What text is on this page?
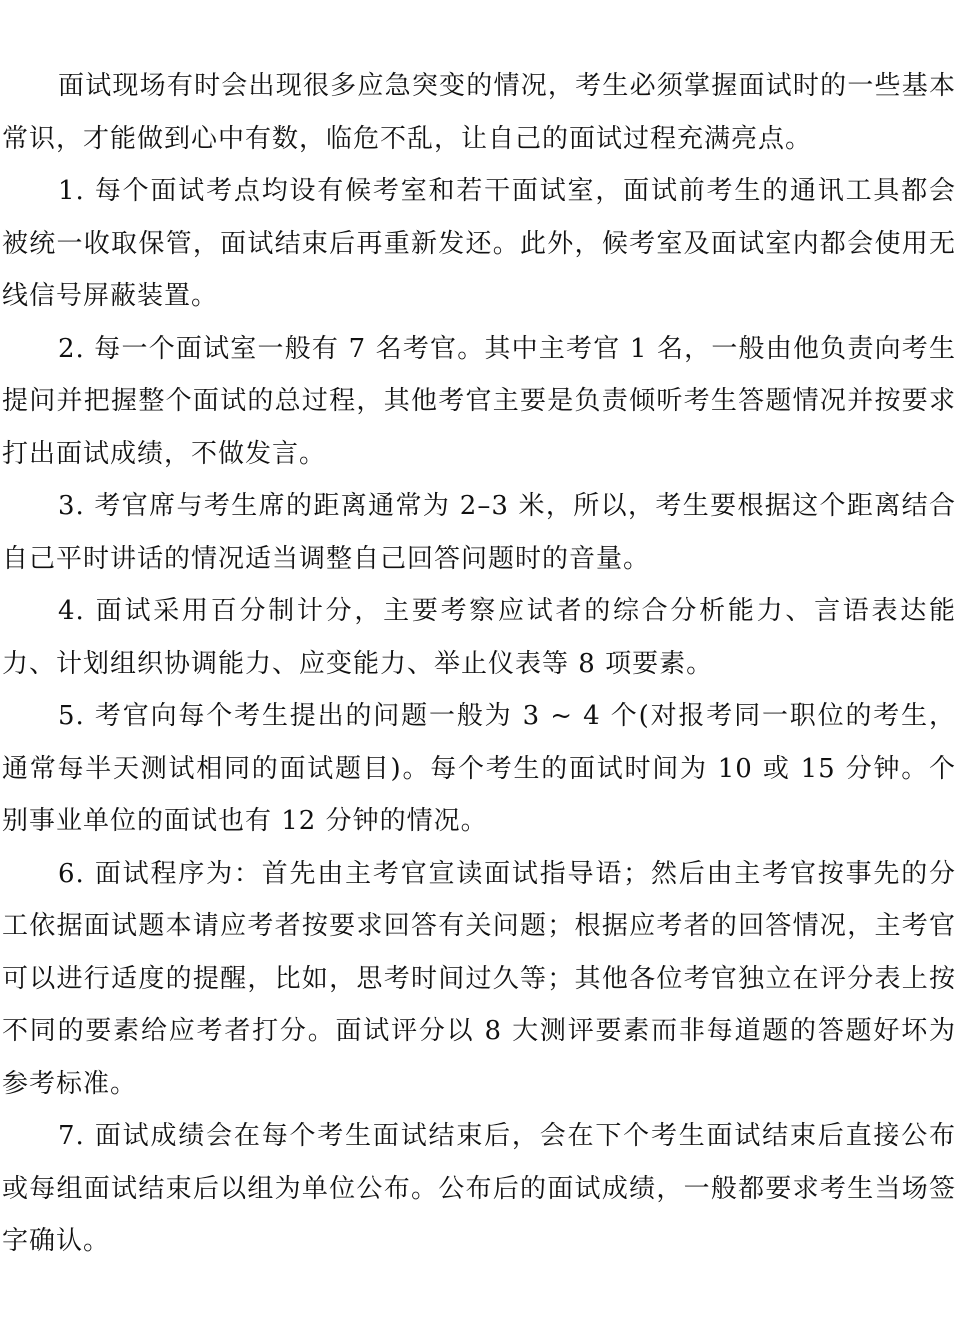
面试现场有时会出现很多应急突变的情况，考生必须掌握面试时的一些基本常识，才能做到心中有数，临危不乱，让自己的面试过程充满亮点。

1. 每个面试考点均设有候考室和若干面试室，面试前考生的通讯工具都会被统一收取保管，面试结束后再重新发还。此外，候考室及面试室内都会使用无线信号屏蔽装置。

2. 每一个面试室一般有 7 名考官。其中主考官 1 名，一般由他负责向考生提问并把握整个面试的总过程，其他考官主要是负责倾听考生答题情况并按要求打出面试成绩，不做发言。

3. 考官席与考生席的距离通常为 2–3 米，所以，考生要根据这个距离结合自己平时讲话的情况适当调整自己回答问题时的音量。

4. 面试采用百分制计分，主要考察应试者的综合分析能力、言语表达能力、计划组织协调能力、应变能力、举止仪表等 8 项要素。

5. 考官向每个考生提出的问题一般为 3 ~ 4 个(对报考同一职位的考生，通常每半天测试相同的面试题目)。每个考生的面试时间为 10 或 15 分钟。个别事业单位的面试也有 12 分钟的情况。

6. 面试程序为：首先由主考官宣读面试指导语；然后由主考官按事先的分工依据面试题本请应考者按要求回答有关问题；根据应考者的回答情况，主考官可以进行适度的提醒，比如，思考时间过久等；其他各位考官独立在评分表上按不同的要素给应考者打分。面试评分以 8 大测评要素而非每道题的答题好坏为参考标准。

7. 面试成绩会在每个考生面试结束后，会在下个考生面试结束后直接公布或每组面试结束后以组为单位公布。公布后的面试成绩，一般都要求考生当场签字确认。
